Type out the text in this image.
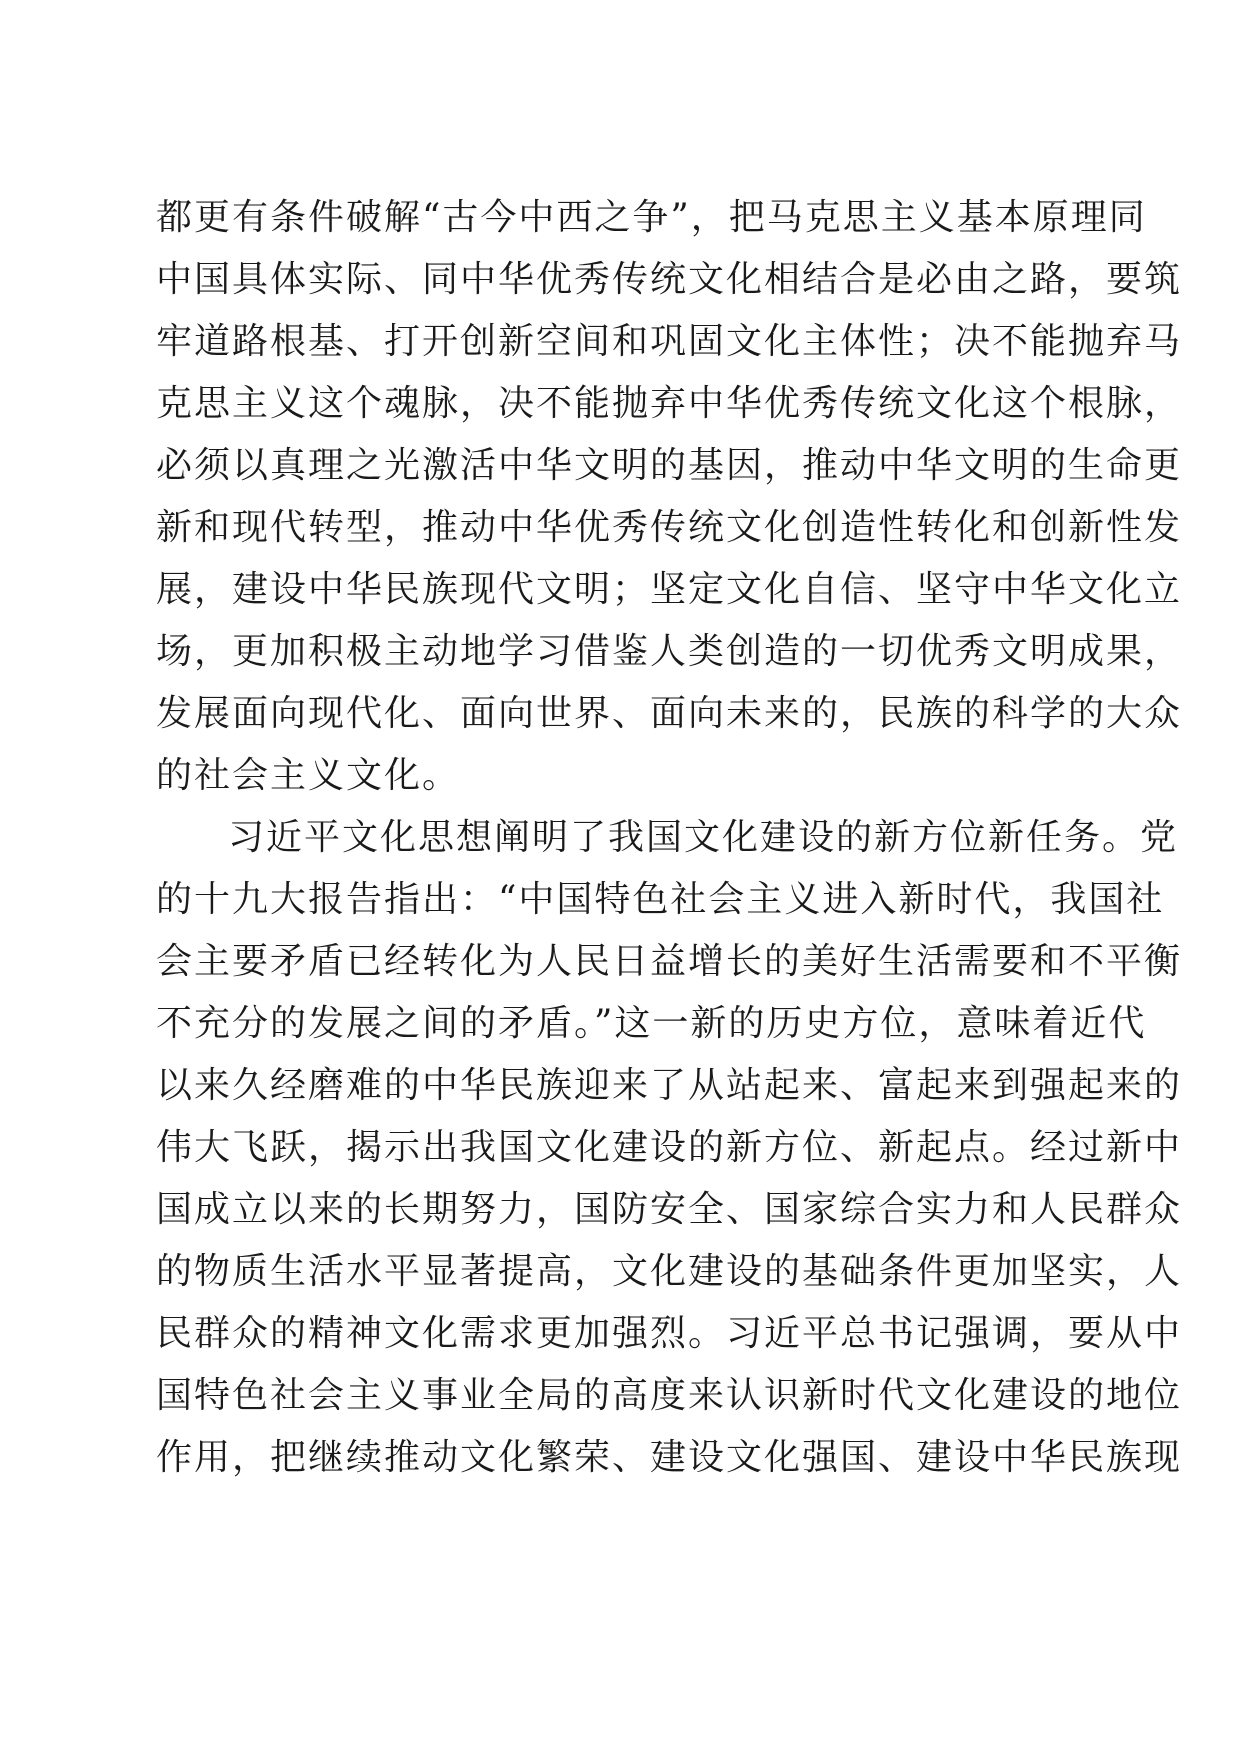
都更有条件破解“古今中西之争”，把马克思主义基本原理同
中国具体实际、同中华优秀传统文化相结合是必由之路，要筑
牢道路根基、打开创新空间和巩固文化主体性；决不能抛弃马
克思主义这个魂脉，决不能抛弃中华优秀传统文化这个根脉，
必须以真理之光激活中华文明的基因，推动中华文明的生命更
新和现代转型，推动中华优秀传统文化创造性转化和创新性发
展，建设中华民族现代文明；坚定文化自信、坚守中华文化立
场，更加积极主动地学习借鉴人类创造的一切优秀文明成果，
发展面向现代化、面向世界、面向未来的，民族的科学的大众
的社会主义文化。
习近平文化思想阐明了我国文化建设的新方位新任务。党
的十九大报告指出：“中国特色社会主义进入新时代，我国社
会主要矛盾已经转化为人民日益增长的美好生活需要和不平衡
不充分的发展之间的矛盾。”这一新的历史方位，意味着近代
以来久经磨难的中华民族迎来了从站起来、富起来到强起来的
伟大飞跃，揭示出我国文化建设的新方位、新起点。经过新中
国成立以来的长期努力，国防安全、国家综合实力和人民群众
的物质生活水平显著提高，文化建设的基础条件更加坚实，人
民群众的精神文化需求更加强烈。习近平总书记强调，要从中
国特色社会主义事业全局的高度来认识新时代文化建设的地位
作用，把继续推动文化繁荣、建设文化强国、建设中华民族现
